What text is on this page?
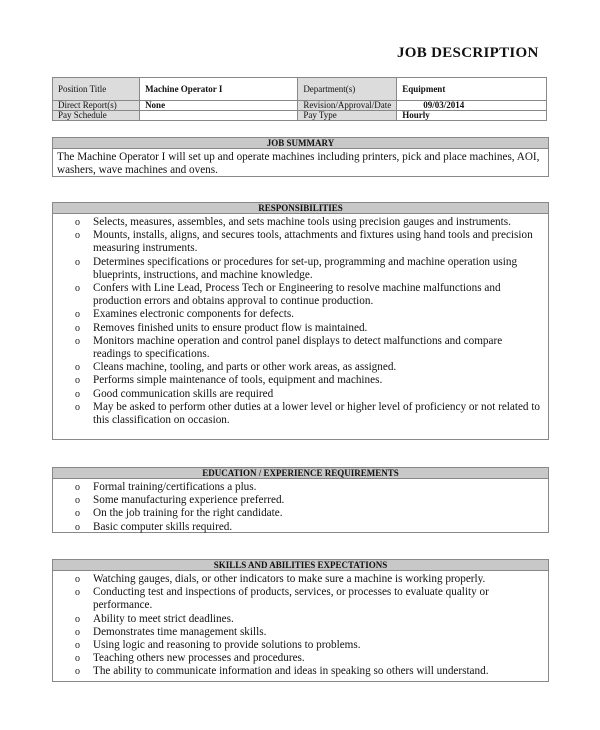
JOB DESCRIPTION
Position Title	Machine Operator I	Department(s)	Equipment
Direct Report(s)	None	Revision/Approval/Date	09/03/2014
Pay Schedule		Pay Type	Hourly
JOB SUMMARY
The Machine Operator I will set up and operate machines including printers, pick and place machines, AOI, washers, wave machines and ovens.
RESPONSIBILITIES
o Selects, measures, assembles, and sets machine tools using precision gauges and instruments.
o Mounts, installs, aligns, and secures tools, attachments and fixtures using hand tools and precision measuring instruments.
o Determines specifications or procedures for set-up, programming and machine operation using blueprints, instructions, and machine knowledge.
o Confers with Line Lead, Process Tech or Engineering to resolve machine malfunctions and production errors and obtains approval to continue production.
o Examines electronic components for defects.
o Removes finished units to ensure product flow is maintained.
o Monitors machine operation and control panel displays to detect malfunctions and compare readings to specifications.
o Cleans machine, tooling, and parts or other work areas, as assigned.
o Performs simple maintenance of tools, equipment and machines.
o Good communication skills are required
o May be asked to perform other duties at a lower level or higher level of proficiency or not related to this classification on occasion.
EDUCATION / EXPERIENCE REQUIREMENTS
o Formal training/certifications a plus.
o Some manufacturing experience preferred.
o On the job training for the right candidate.
o Basic computer skills required.
SKILLS AND ABILITIES EXPECTATIONS
o Watching gauges, dials, or other indicators to make sure a machine is working properly.
o Conducting test and inspections of products, services, or processes to evaluate quality or performance.
o Ability to meet strict deadlines.
o Demonstrates time management skills.
o Using logic and reasoning to provide solutions to problems.
o Teaching others new processes and procedures.
o The ability to communicate information and ideas in speaking so others will understand.
